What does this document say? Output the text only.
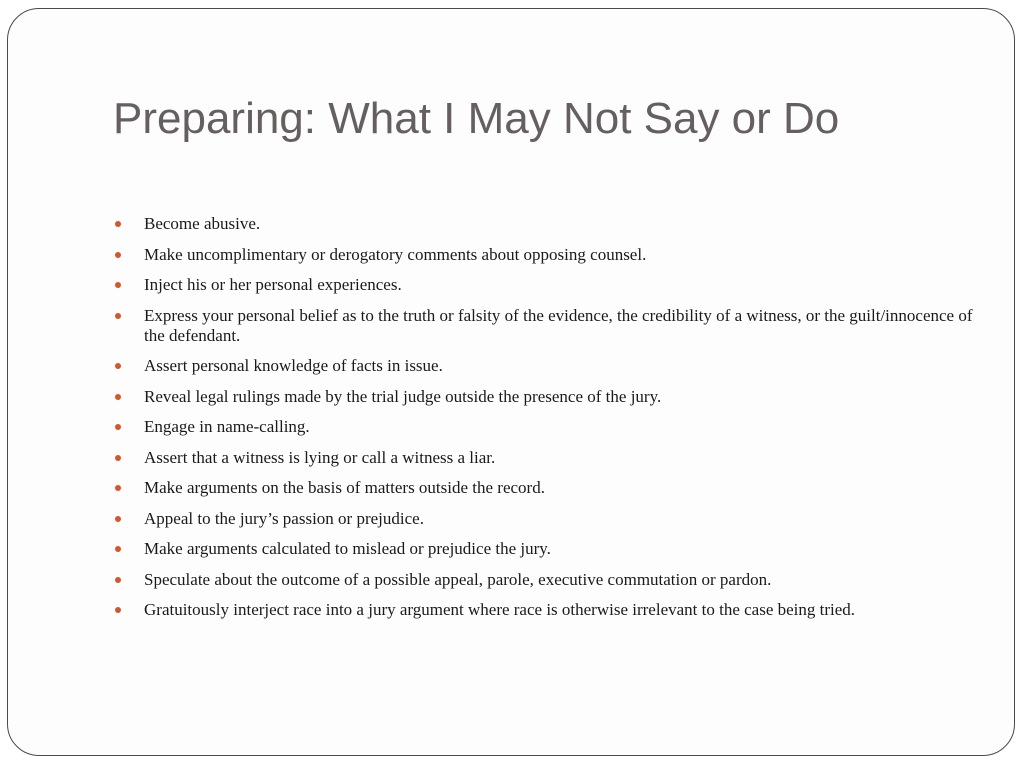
Preparing: What I May Not Say or Do
Become abusive.
Make uncomplimentary or derogatory comments about opposing counsel.
Inject his or her personal experiences.
Express your personal belief as to the truth or falsity of the evidence, the credibility of a witness, or the guilt/innocence of the defendant.
Assert personal knowledge of facts in issue.
Reveal legal rulings made by the trial judge outside the presence of the jury.
Engage in name-calling.
Assert that a witness is lying or call a witness a liar.
Make arguments on the basis of matters outside the record.
Appeal to the jury’s passion or prejudice.
Make arguments calculated to mislead or prejudice the jury.
Speculate about the outcome of a possible appeal, parole, executive commutation or pardon.
Gratuitously interject race into a jury argument where race is otherwise irrelevant to the case being tried.
